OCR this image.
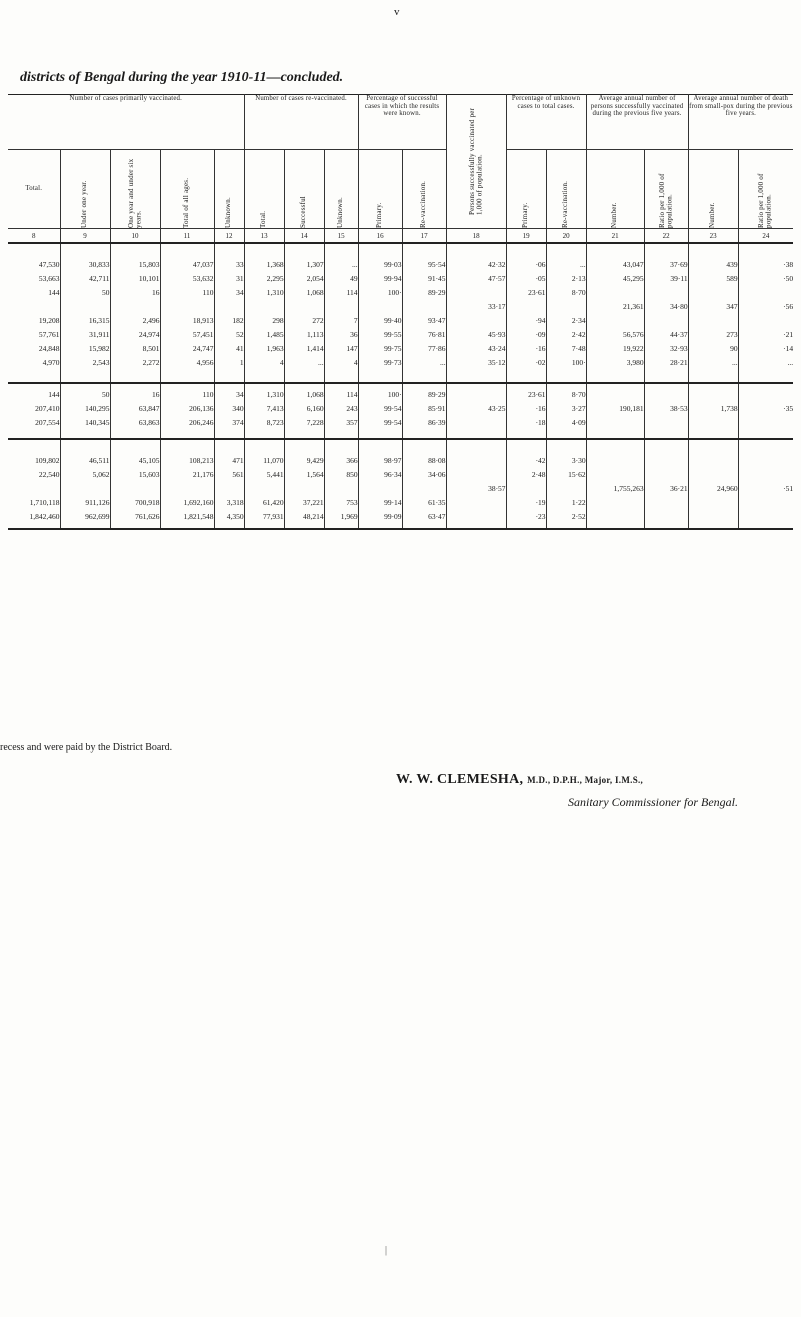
v
districts of Bengal during the year 1910-11—concluded.
Number of cases primarily vaccinated.					Number of cases re-vaccinated.			Percentage of successful cases in which the results were known.		Persons successfully vaccinated per 1,000 of population.	Percentage of unknown cases to total cases.		Average annual number of persons successfully vaccinated during the previous five years.		Average annual number of death from small-pox during the previous five years.	
Total.	Under one year.	One year and under six years.	Total of all ages.	Unknown.	Total.	Successful	Unknown.	Primary.	Re-vaccination.		Primary.	Re-vaccination.	Number.	Ratio per 1,000 of population.	Number.	Ratio per 1,000 of population.

8	9	10	11	12	13	14	15	16	17	18	19	20	21	22	23	24
47,530	30,833	15,803	47,037	33	1,368	1,307	...	99·03	95·54	42·32	·06	...	43,047	37·69	439	·38
53,663	42,711	10,101	53,632	31	2,295	2,054	49	99·94	91·45	47·57	·05	2·13	45,295	39·11	589	·50
144	50	16	110	34	1,310	1,068	114	100·	89·29		23·61	8·70				
										33·17			21,361	34·80	347	·56
19,208	16,315	2,496	18,913	182	298	272	7	99·40	93·47		·94	2·34				
57,761	31,911	24,974	57,451	52	1,485	1,113	36	99·55	76·81	45·93	·09	2·42	56,576	44·37	273	·21
24,848	15,982	8,501	24,747	41	1,963	1,414	147	99·75	77·86	43·24	·16	7·48	19,922	32·93	90	·14
4,970	2,543	2,272	4,956	1	4	...	4	99·73	...	35·12	·02	100·	3,980	28·21	...	...
144	50	16	110	34	1,310	1,068	114	100·	89·29		23·61	8·70				
207,410	140,295	63,847	206,136	340	7,413	6,160	243	99·54	85·91	43·25	·16	3·27	190,181	38·53	1,738	·35
207,554	140,345	63,863	206,246	374	8,723	7,228	357	99·54	86·39		·18	4·09				
109,802	46,511	45,105	108,213	471	11,070	9,429	366	98·97	88·08		·42	3·30				
22,540	5,062	15,603	21,176	561	5,441	1,564	850	96·34	34·06		2·48	15·62				
										38·57			1,755,263	36·21	24,960	·51
1,710,118	911,126	700,918	1,692,160	3,318	61,420	37,221	753	99·14	61·35		·19	1·22				
1,842,460	962,699	761,626	1,821,548	4,350	77,931	48,214	1,969	99·09	63·47		·23	2·52				
recess and were paid by the District Board.
W. W. CLEMESHA, M.D., D.P.H., Major, I.M.S.,
Sanitary Commissioner for Bengal.
|
